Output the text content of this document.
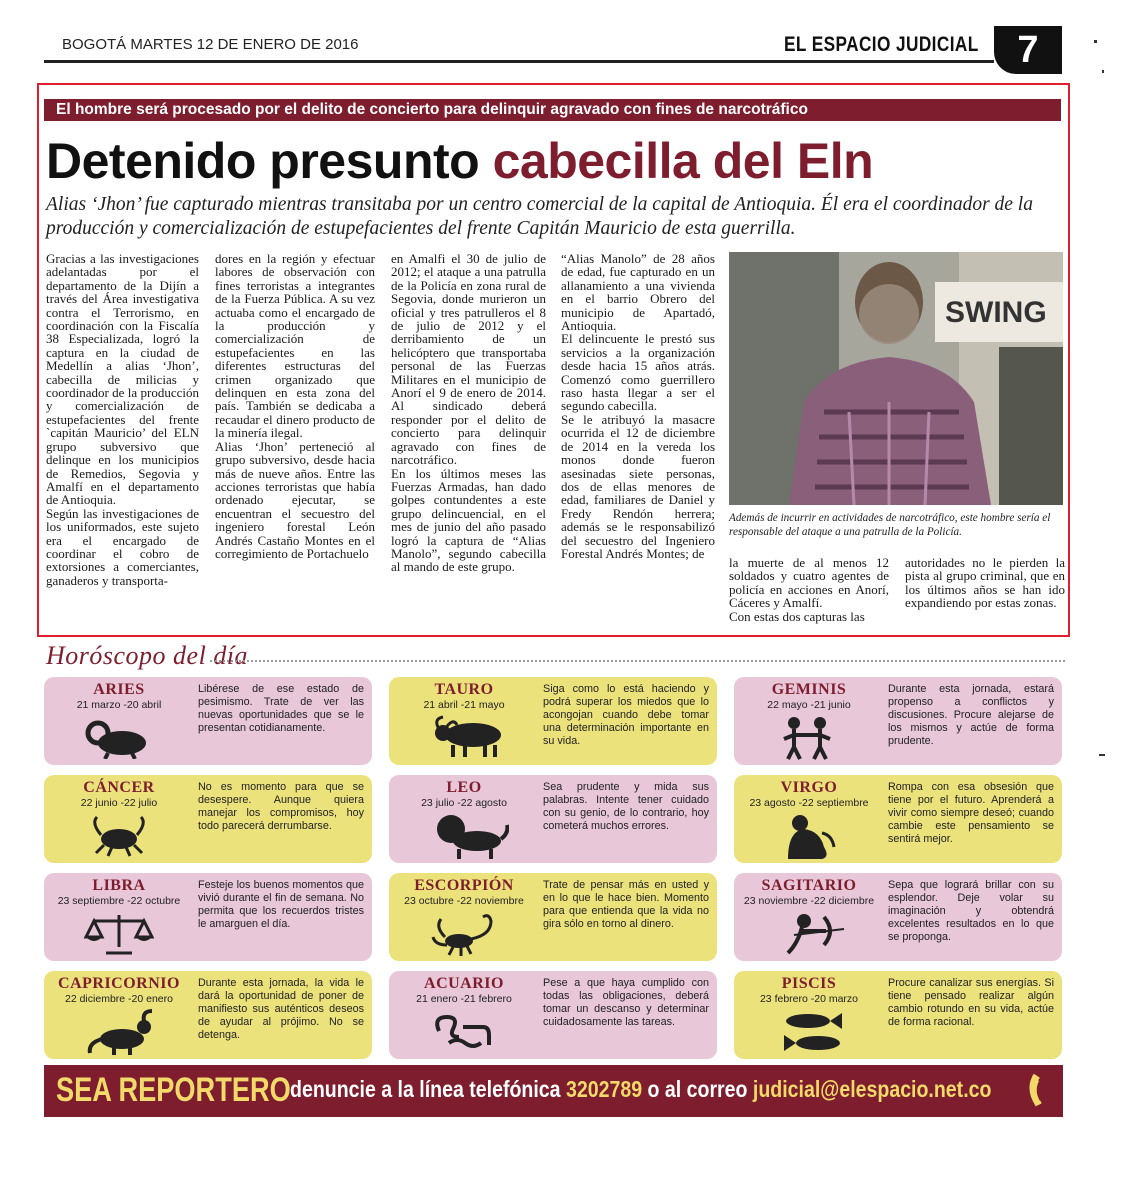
BOGOTÁ MARTES 12 DE ENERO DE 2016	EL ESPACIO JUDICIAL	7
El hombre será procesado por el delito de concierto para delinquir agravado con fines de narcotráfico
Detenido presunto cabecilla del Eln
Alias ‘Jhon’ fue capturado mientras transitaba por un centro comercial de la capital de Antioquia. Él era el coordinador de la producción y comercialización de estupefacientes del frente Capitán Mauricio de esta guerrilla.
Gracias a las investigaciones adelantadas por el departamento de la Dijín a través del Área investigativa contra el Terrorismo, en coordinación con la Fiscalía 38 Especializada, logró la captura en la ciudad de Medellín a alias ‘Jhon’, cabecilla de milicias y coordinador de la producción y comercialización de estupefacientes del frente `capitán Mauricio’ del ELN grupo subversivo que delinque en los municipios de Remedios, Segovia y Amalfí en el departamento de Antioquia.
Según las investigaciones de los uniformados, este sujeto era el encargado de coordinar el cobro de extorsiones a comerciantes, ganaderos y transporta-
dores en la región y efectuar labores de observación con fines terroristas a integrantes de la Fuerza Pública. A su vez actuaba como el encargado de la producción y comercialización de estupefacientes en las diferentes estructuras del crimen organizado que delinquen en esta zona del país. También se dedicaba a recaudar el dinero producto de la minería ilegal.
Alias ‘Jhon’ perteneció al grupo subversivo, desde hacia más de nueve años. Entre las acciones terroristas que había ordenado ejecutar, se encuentran el secuestro del ingeniero forestal León Andrés Castaño Montes en el corregimiento de Portachuelo
en Amalfi el 30 de julio de 2012; el ataque a una patrulla de la Policía en zona rural de Segovia, donde murieron un oficial y tres patrulleros el 8 de julio de 2012 y el derribamiento de un helicóptero que transportaba personal de las Fuerzas Militares en el municipio de Anorí el 9 de enero de 2014. Al sindicado deberá responder por el delito de concierto para delinquir agravado con fines de narcotráfico.
En los últimos meses las Fuerzas Armadas, han dado golpes contundentes a este grupo delincuencial, en el mes de junio del año pasado logró la captura de “Alias Manolo”, segundo cabecilla al mando de este grupo.
“Alias Manolo” de 28 años de edad, fue capturado en un allanamiento a una vivienda en el barrio Obrero del municipio de Apartadó, Antioquia.
El delincuente le prestó sus servicios a la organización desde hacia 15 años atrás. Comenzó como guerrillero raso hasta llegar a ser el segundo cabecilla.
Se le atribuyó la masacre ocurrida el 12 de diciembre de 2014 en la vereda los monos donde fueron asesinadas siete personas, dos de ellas menores de edad, familiares de Daniel y Fredy Rendón herrera; además se le responsabilizó del secuestro del Ingeniero Forestal Andrés Montes; de
la muerte de al menos 12 soldados y cuatro agentes de policía en acciones en Anorí, Cáceres y Amalfí.
Con estas dos capturas las
autoridades no le pierden la pista al grupo criminal, que en los últimos años se han ido expandiendo por estas zonas.
SWING
Además de incurrir en actividades de narcotráfico, este hombre sería el responsable del ataque a una patrulla de la Policía.
Horóscopo del día
ARIES
21 marzo -20 abril
Libérese de ese estado de pesimismo. Trate de ver las nuevas oportunidades que se le presentan cotidianamente.
TAURO
21 abril -21 mayo
Siga como lo está haciendo y podrá superar los miedos que lo acongojan cuando debe tomar una determinación importante en su vida.
GEMINIS
22 mayo -21 junio
Durante esta jornada, estará propenso a conflictos y discusiones. Procure alejarse de los mismos y actúe de forma prudente.
CÁNCER
22 junio -22 julio
No es momento para que se desespere. Aunque quiera manejar los compromisos, hoy todo parecerá derrumbarse.
LEO
23 julio -22 agosto
Sea prudente y mida sus palabras. Intente tener cuidado con su genio, de lo contrario, hoy cometerá muchos errores.
VIRGO
23 agosto -22 septiembre
Rompa con esa obsesión que tiene por el futuro. Aprenderá a vivir como siempre deseó; cuando cambie este pensamiento se sentirá mejor.
LIBRA
23 septiembre -22 octubre
Festeje los buenos momentos que vivió durante el fin de semana. No permita que los recuerdos tristes le amarguen el día.
ESCORPIÓN
23 octubre -22 noviembre
Trate de pensar más en usted y en lo que le hace bien. Momento para que entienda que la vida no gira sólo en torno al dinero.
SAGITARIO
23 noviembre -22 diciembre
Sepa que logrará brillar con su esplendor. Deje volar su imaginación y obtendrá excelentes resultados en lo que se proponga.
CAPRICORNIO
22 diciembre -20 enero
Durante esta jornada, la vida le dará la oportunidad de poner de manifiesto sus auténticos deseos de ayudar al prójimo. No se detenga.
ACUARIO
21 enero -21 febrero
Pese a que haya cumplido con todas las obligaciones, deberá tomar un descanso y determinar cuidadosamente las tareas.
PISCIS
23 febrero -20 marzo
Procure canalizar sus energías. Si tiene pensado realizar algún cambio rotundo en su vida, actúe de forma racional.
SEA REPORTERO denuncie a la línea telefónica 3202789 o al correo judicial@elespacio.net.co
